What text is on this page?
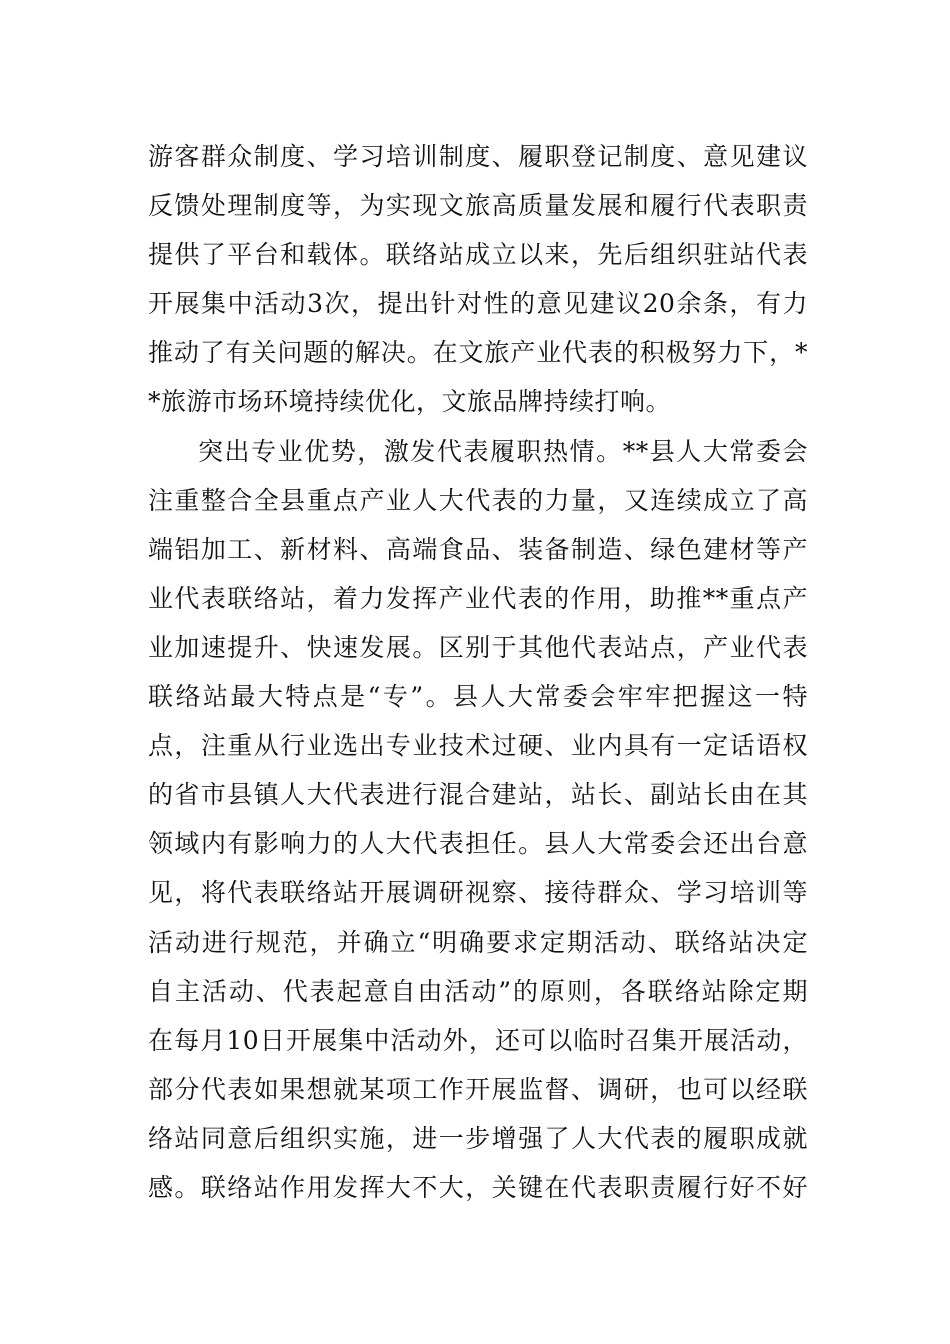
游客群众制度、学习培训制度、履职登记制度、意见建议
反馈处理制度等，为实现文旅高质量发展和履行代表职责
提供了平台和载体。联络站成立以来，先后组织驻站代表
开展集中活动3次，提出针对性的意见建议20余条，有力
推动了有关问题的解决。在文旅产业代表的积极努力下，*
*旅游市场环境持续优化，文旅品牌持续打响。
突出专业优势，激发代表履职热情。**县人大常委会
注重整合全县重点产业人大代表的力量，又连续成立了高
端铝加工、新材料、高端食品、装备制造、绿色建材等产
业代表联络站，着力发挥产业代表的作用，助推**重点产
业加速提升、快速发展。区别于其他代表站点，产业代表
联络站最大特点是“专”。县人大常委会牢牢把握这一特
点，注重从行业选出专业技术过硬、业内具有一定话语权
的省市县镇人大代表进行混合建站，站长、副站长由在其
领域内有影响力的人大代表担任。县人大常委会还出台意
见，将代表联络站开展调研视察、接待群众、学习培训等
活动进行规范，并确立“明确要求定期活动、联络站决定
自主活动、代表起意自由活动”的原则，各联络站除定期
在每月10日开展集中活动外，还可以临时召集开展活动，
部分代表如果想就某项工作开展监督、调研，也可以经联
络站同意后组织实施，进一步增强了人大代表的履职成就
感。联络站作用发挥大不大，关键在代表职责履行好不好
